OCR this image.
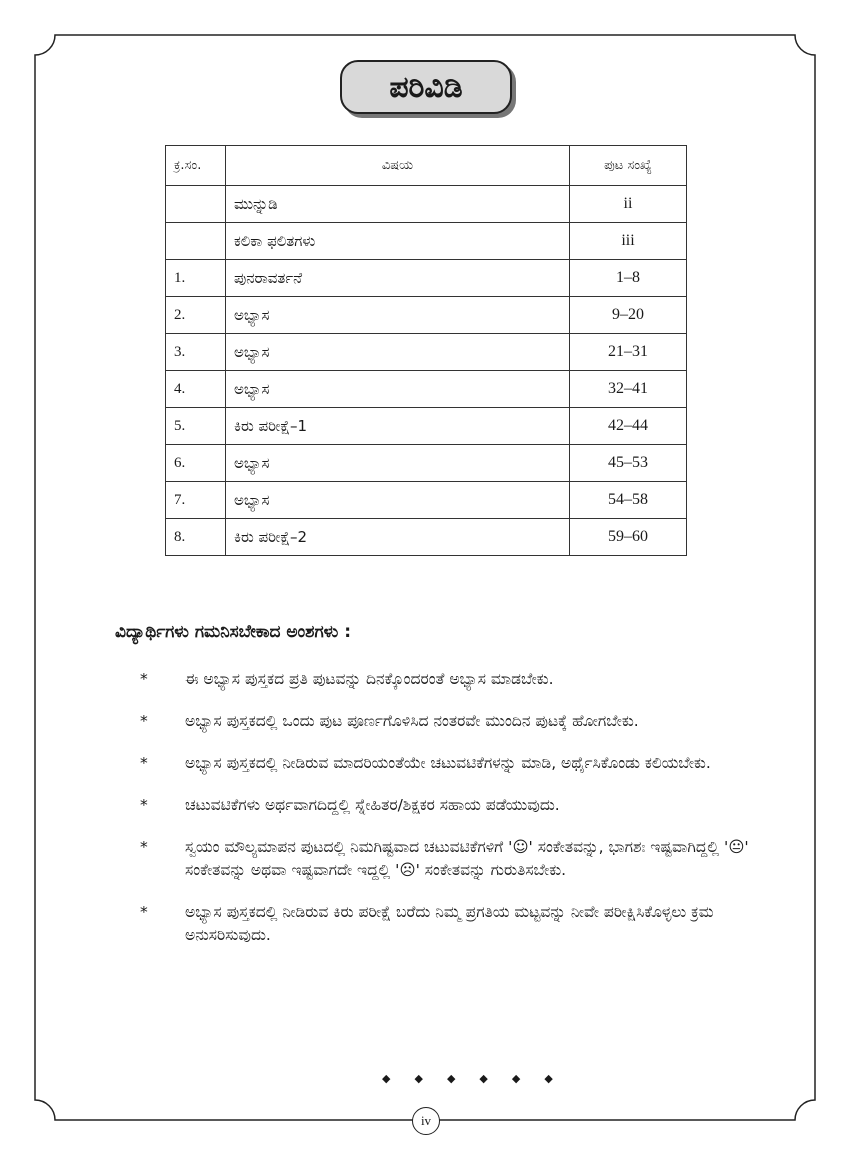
ಪರಿವಿಡಿ
ಕ್ರ.ಸಂ.	ವಿಷಯ	ಪುಟ ಸಂಖ್ಯೆ
	ಮುನ್ನುಡಿ	ii
	ಕಲಿಕಾ ಫಲಿತಗಳು	iii
1.	ಪುನರಾವರ್ತನೆ	1–8
2.	ಅಭ್ಯಾಸ	9–20
3.	ಅಭ್ಯಾಸ	21–31
4.	ಅಭ್ಯಾಸ	32–41
5.	ಕಿರು ಪರೀಕ್ಷೆ–1	42–44
6.	ಅಭ್ಯಾಸ	45–53
7.	ಅಭ್ಯಾಸ	54–58
8.	ಕಿರು ಪರೀಕ್ಷೆ–2	59–60
ವಿದ್ಯಾರ್ಥಿಗಳು ಗಮನಿಸಬೇಕಾದ ಅಂಶಗಳು :
*	ಈ ಅಭ್ಯಾಸ ಪುಸ್ತಕದ ಪ್ರತಿ ಪುಟವನ್ನು ದಿನಕ್ಕೊಂದರಂತೆ ಅಭ್ಯಾಸ ಮಾಡಬೇಕು.
*	ಅಭ್ಯಾಸ ಪುಸ್ತಕದಲ್ಲಿ ಒಂದು ಪುಟ ಪೂರ್ಣಗೊಳಿಸಿದ ನಂತರವೇ ಮುಂದಿನ ಪುಟಕ್ಕೆ ಹೋಗಬೇಕು.
*	ಅಭ್ಯಾಸ ಪುಸ್ತಕದಲ್ಲಿ ನೀಡಿರುವ ಮಾದರಿಯಂತೆಯೇ ಚಟುವಟಿಕೆಗಳನ್ನು ಮಾಡಿ, ಅರ್ಥೈಸಿಕೊಂಡು ಕಲಿಯಬೇಕು.
*	ಚಟುವಟಿಕೆಗಳು ಅರ್ಥವಾಗದಿದ್ದಲ್ಲಿ ಸ್ನೇಹಿತರ/ಶಿಕ್ಷಕರ ಸಹಾಯ ಪಡೆಯುವುದು.
*	ಸ್ವಯಂ ಮೌಲ್ಯಮಾಪನ ಪುಟದಲ್ಲಿ ನಿಮಗಿಷ್ಟವಾದ ಚಟುವಟಿಕೆಗಳಿಗೆ '☺' ಸಂಕೇತವನ್ನು, ಭಾಗಶಃ ಇಷ್ಟವಾಗಿದ್ದಲ್ಲಿ '😐' ಸಂಕೇತವನ್ನು ಅಥವಾ ಇಷ್ಟವಾಗದೇ ಇದ್ದಲ್ಲಿ '☹' ಸಂಕೇತವನ್ನು ಗುರುತಿಸಬೇಕು.
*	ಅಭ್ಯಾಸ ಪುಸ್ತಕದಲ್ಲಿ ನೀಡಿರುವ ಕಿರು ಪರೀಕ್ಷೆ ಬರೆದು ನಿಮ್ಮ ಪ್ರಗತಿಯ ಮಟ್ಟವನ್ನು ನೀವೇ ಪರೀಕ್ಷಿಸಿಕೊಳ್ಳಲು ಕ್ರಮ ಅನುಸರಿಸುವುದು.
◆ ◆ ◆ ◆ ◆ ◆
iv
